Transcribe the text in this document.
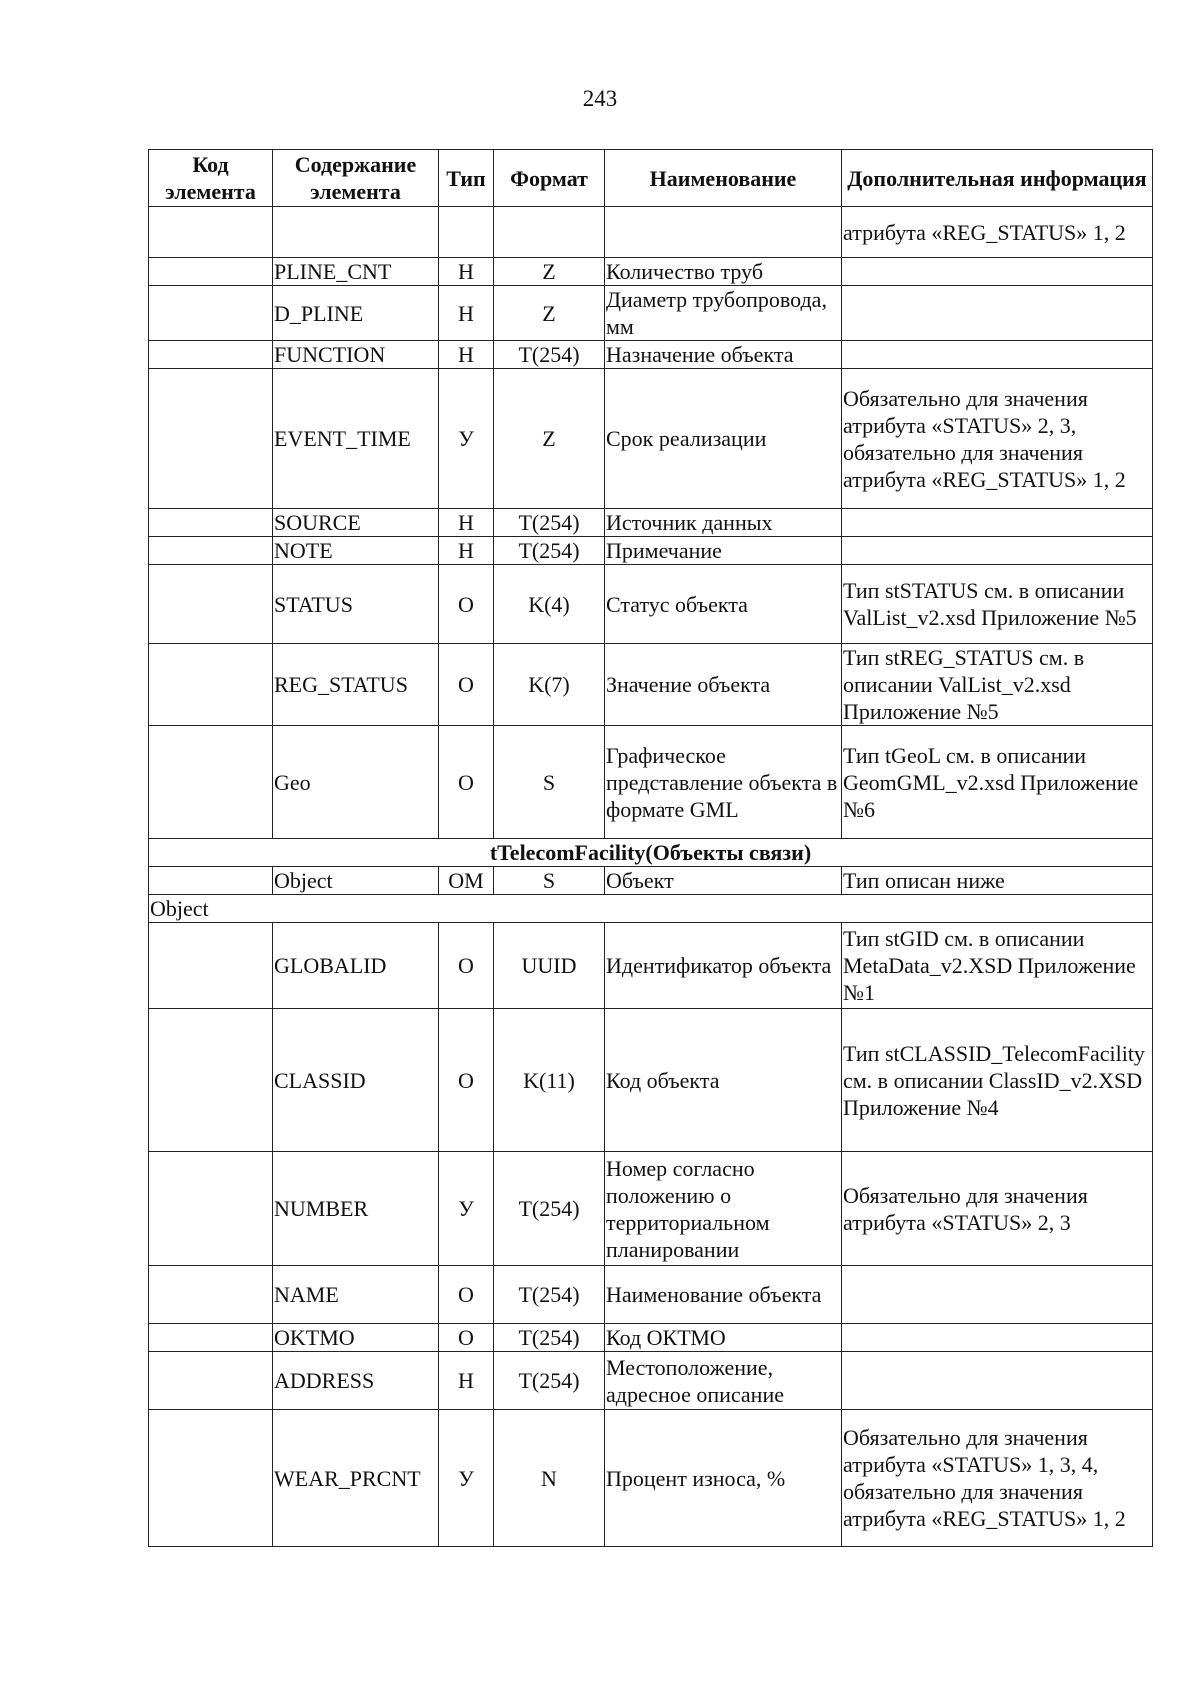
243
Код элемента	Содержание элемента	Тип	Формат	Наименование	Дополнительная информация
					атрибута «REG_STATUS» 1, 2
	PLINE_CNT	Н	Z	Количество труб	
	D_PLINE	Н	Z	Диаметр трубопровода, мм	
	FUNCTION	Н	T(254)	Назначение объекта	
	EVENT_TIME	У	Z	Срок реализации	Обязательно для значения атрибута «STATUS» 2, 3, обязательно для значения атрибута «REG_STATUS» 1, 2
	SOURCE	Н	T(254)	Источник данных	
	NOTE	Н	T(254)	Примечание	
	STATUS	О	K(4)	Статус объекта	Тип stSTATUS см. в описании ValList_v2.xsd Приложение №5
	REG_STATUS	О	K(7)	Значение объекта	Тип stREG_STATUS см. в описании ValList_v2.xsd Приложение №5
	Geo	О	S	Графическое представление объекта в формате GML	Тип tGeoL см. в описании GeomGML_v2.xsd Приложение №6
tTelecomFacility(Объекты связи)					
	Object	ОМ	S	Объект	Тип описан ниже
Object					
	GLOBALID	О	UUID	Идентификатор объекта	Тип stGID см. в описании MetaData_v2.XSD Приложение №1
	CLASSID	О	K(11)	Код объекта	Тип stCLASSID_TelecomFacility см. в описании ClassID_v2.XSD Приложение №4
	NUMBER	У	T(254)	Номер согласно положению о территориальном планировании	Обязательно для значения атрибута «STATUS» 2, 3
	NAME	О	T(254)	Наименование объекта	
	OKTMO	О	T(254)	Код ОКТМО	
	ADDRESS	Н	T(254)	Местоположение, адресное описание	
	WEAR_PRCNT	У	N	Процент износа, %	Обязательно для значения атрибута «STATUS» 1, 3, 4, обязательно для значения атрибута «REG_STATUS» 1, 2
